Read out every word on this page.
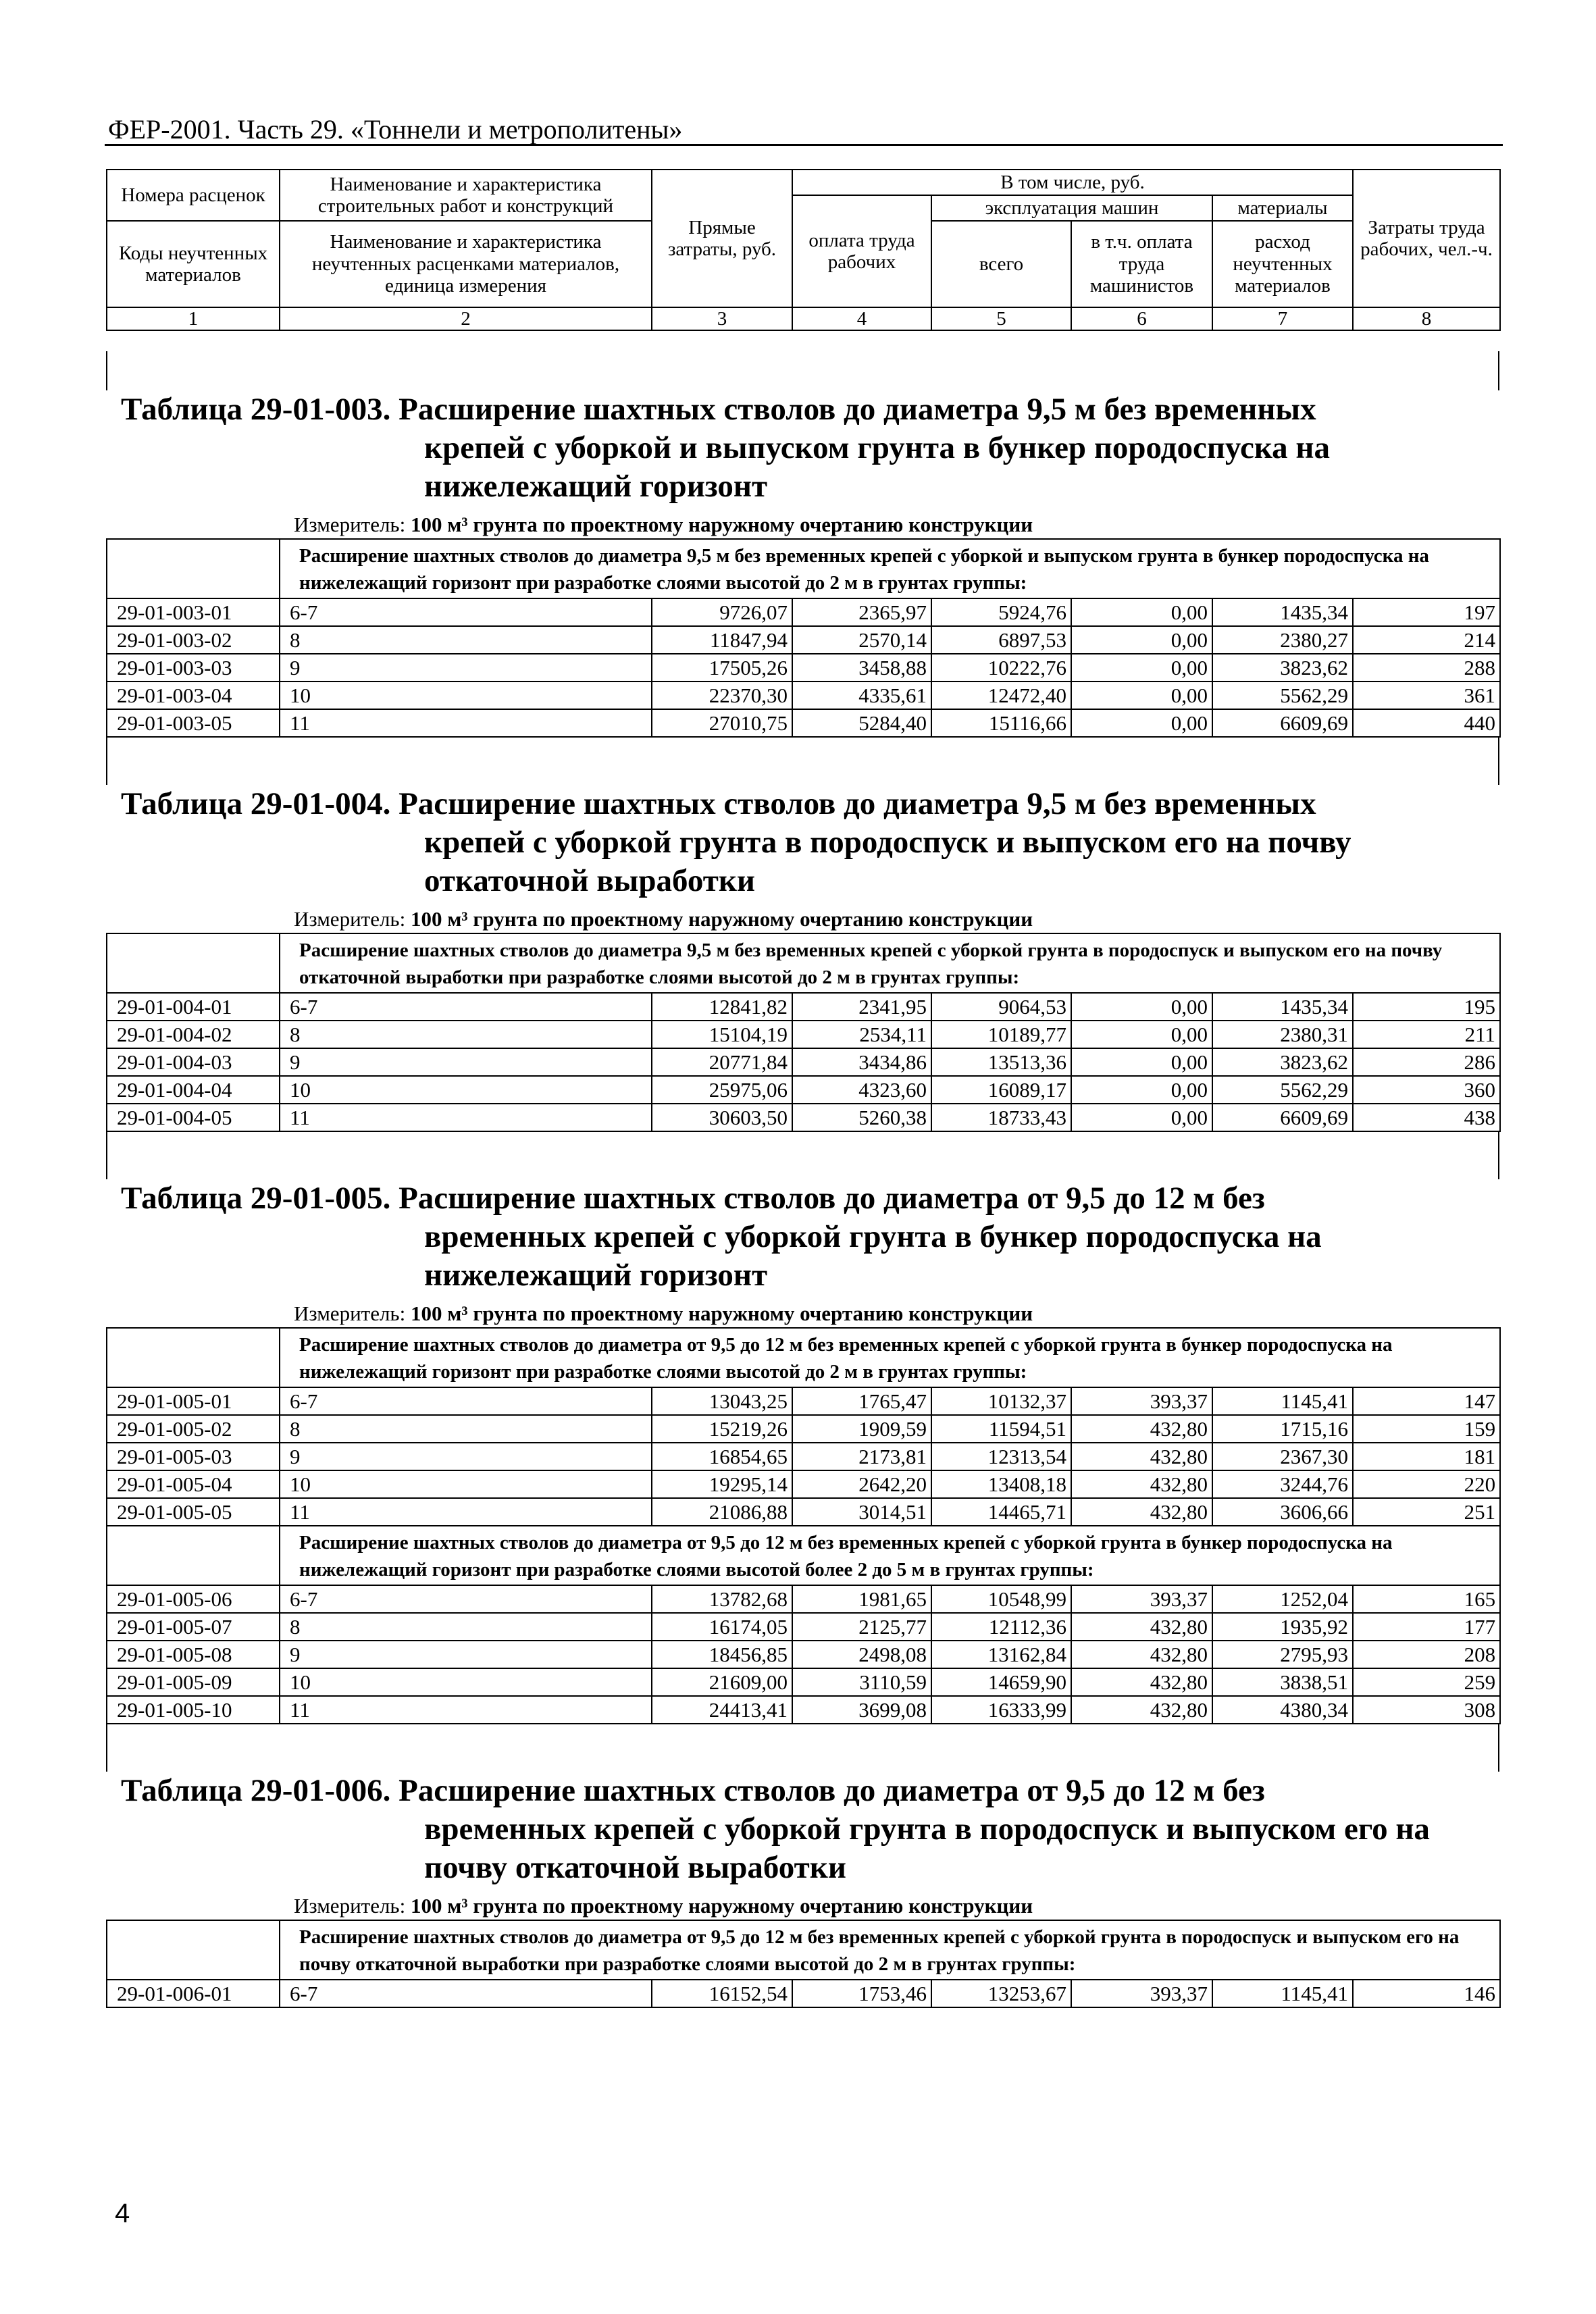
ФЕР-2001. Часть 29. «Тоннели и метрополитены»
Номера расценок	Наименование и характеристика строительных работ и конструкций	Прямые затраты, руб.	В том числе, руб.				Затраты труда рабочих, чел.-ч.
			оплата труда рабочих	эксплуатация машин		материалы	
Коды неучтенных материалов	Наименование и характеристика неучтенных расценками материалов, единица измерения			всего	в т.ч. оплата труда машинистов	расход неучтенных материалов	

1	2	3	4	5	6	7	8
Таблица 29-01-003.
Расширение шахтных стволов до диаметра 9,5 м без временных
крепей с уборкой и выпуском грунта в бункер породоспуска на
нижележащий горизонт
Измеритель: 100 м³ грунта по проектному наружному очертанию конструкции
	Расширение шахтных стволов до диаметра 9,5 м без временных крепей с уборкой и выпуском грунта в бункер породоспуска на нижележащий горизонт при разработке слоями высотой до 2 м в грунтах группы:						
29-01-003-01	6-7	9726,07	2365,97	5924,76	0,00	1435,34	197
29-01-003-02	8	11847,94	2570,14	6897,53	0,00	2380,27	214
29-01-003-03	9	17505,26	3458,88	10222,76	0,00	3823,62	288
29-01-003-04	10	22370,30	4335,61	12472,40	0,00	5562,29	361
29-01-003-05	11	27010,75	5284,40	15116,66	0,00	6609,69	440
Таблица 29-01-004.
Расширение шахтных стволов до диаметра 9,5 м без временных
крепей с уборкой грунта в породоспуск и выпуском его на почву
откаточной выработки
Измеритель: 100 м³ грунта по проектному наружному очертанию конструкции
	Расширение шахтных стволов до диаметра 9,5 м без временных крепей с уборкой грунта в породоспуск и выпуском его на почву откаточной выработки при разработке слоями высотой до 2 м в грунтах группы:						
29-01-004-01	6-7	12841,82	2341,95	9064,53	0,00	1435,34	195
29-01-004-02	8	15104,19	2534,11	10189,77	0,00	2380,31	211
29-01-004-03	9	20771,84	3434,86	13513,36	0,00	3823,62	286
29-01-004-04	10	25975,06	4323,60	16089,17	0,00	5562,29	360
29-01-004-05	11	30603,50	5260,38	18733,43	0,00	6609,69	438
Таблица 29-01-005.
Расширение шахтных стволов до диаметра от 9,5 до 12 м без
временных крепей с уборкой грунта в бункер породоспуска на
нижележащий горизонт
Измеритель: 100 м³ грунта по проектному наружному очертанию конструкции
	Расширение шахтных стволов до диаметра от 9,5 до 12 м без временных крепей с уборкой грунта в бункер породоспуска на нижележащий горизонт при разработке слоями высотой до 2 м в грунтах группы:						
29-01-005-01	6-7	13043,25	1765,47	10132,37	393,37	1145,41	147
29-01-005-02	8	15219,26	1909,59	11594,51	432,80	1715,16	159
29-01-005-03	9	16854,65	2173,81	12313,54	432,80	2367,30	181
29-01-005-04	10	19295,14	2642,20	13408,18	432,80	3244,76	220
29-01-005-05	11	21086,88	3014,51	14465,71	432,80	3606,66	251
	Расширение шахтных стволов до диаметра от 9,5 до 12 м без временных крепей с уборкой грунта в бункер породоспуска на нижележащий горизонт при разработке слоями высотой более 2 до 5 м в грунтах группы:						
29-01-005-06	6-7	13782,68	1981,65	10548,99	393,37	1252,04	165
29-01-005-07	8	16174,05	2125,77	12112,36	432,80	1935,92	177
29-01-005-08	9	18456,85	2498,08	13162,84	432,80	2795,93	208
29-01-005-09	10	21609,00	3110,59	14659,90	432,80	3838,51	259
29-01-005-10	11	24413,41	3699,08	16333,99	432,80	4380,34	308
Таблица 29-01-006.
Расширение шахтных стволов до диаметра от 9,5 до 12 м без
временных крепей с уборкой грунта в породоспуск и выпуском его на
почву откаточной выработки
Измеритель: 100 м³ грунта по проектному наружному очертанию конструкции
	Расширение шахтных стволов до диаметра от 9,5 до 12 м без временных крепей с уборкой грунта в породоспуск и выпуском его на почву откаточной выработки при разработке слоями высотой до 2 м в грунтах группы:						
29-01-006-01	6-7	16152,54	1753,46	13253,67	393,37	1145,41	146
4
